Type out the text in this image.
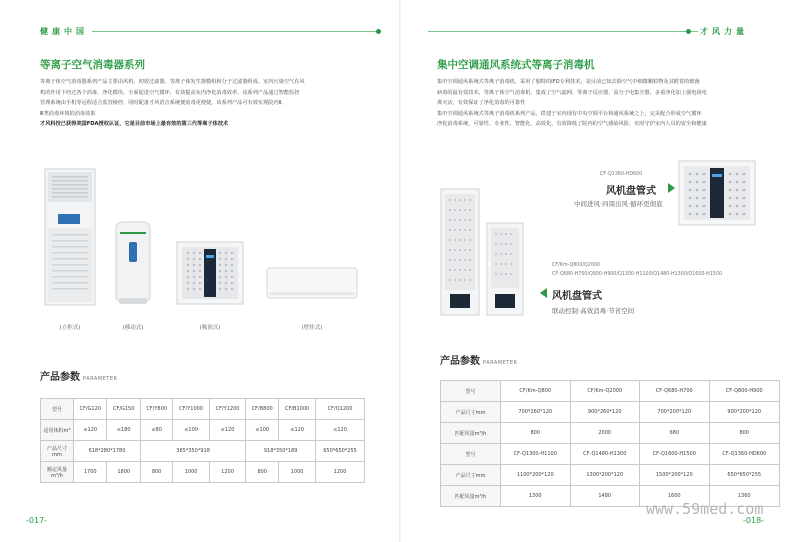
健康中国	才风力量
等离子空气消毒器系列

等离子体空气消毒器系列产品主要由风机、初效过滤器、等离子体发生器模组和分子过滤器组成。室内污染空气在风

机的作用下经过各个消毒、净化模块，全面促进空气循环，有效提高室内净化消毒效率。该系列产品通过智能监控

管理系统由手机等远程适合监管操控，同时配备才风语音系统便消毒更便捷。该系列产品可有效实现院内Ⅱ、

Ⅲ类消毒环境的消毒效果

才风科技已获得美国FDA授权认证，它是目前市场上最有效的第三代等离子体技术

(立柜式)	(移动式)	(吸顶式)	(壁挂式)
产品参数 PARAMETER
型号	CF/G120	CF/G150	CF/Y800	CF/Y1000	CF/Y1200	CF/B800	CF/B1000	CF/Q1200
适用体积m³	≤120	≤180	≤80	≤100	≤120	≤100	≤120	≤120
产品尺寸mm	618*280*1780		365*350*918			918*350*189		650*650*255
额定风量m³/h	1700	1800	800	1000	1200	800	1000	1200
-017-
集中空调通风系统式等离子消毒机

集中空调通风系统式等离子消毒机，采用了独特的IFD专利技术，是目前已知去除空气中细微颗粒物及其附着的细菌

病毒的最有效技术，等离子体空气消毒机，集成了空气滤网、等离子反应器、高分子电集尘器、多重净化加上强电场电

离灭活，有效保证了净化消毒的可靠性

集中空调通风系统式等离子消毒机系列产品，搭建于室内现有中央空调平台和通风系统之上，完美配合形成空气循环

净化消毒系统，可靠性、专业性、智能化、高效化，有效降低了院内的空气感染风险，实时守护室内人员的安全和健康

CF-Q1360-HD600
风机盘管式
中间进风·四周出风·循环更彻底
CF/Km-Q800/Q2000
CF-Q680-H700/Q800-H900/Q1300-H1100/Q1480-H1300/Q1600-H1500
风机盘管式
联动控制·高效消毒·节省空间
产品参数 PARAMETER
型号	CF/Km-Q800	CF/Km-Q2000	CF-Q680-H700	CF-Q800-H900
产品尺寸mm	700*260*120	900*260*120	700*200*120	900*200*120
匹配风量m³/h	800	2000	680	800
型号	CF-Q1300-H1100	CF-Q1480-H1300	CF-Q1600-H1500	CF-Q1360-HD600
产品尺寸mm	1100*200*120	1300*200*120	1500*200*120	650*650*255
匹配风量m³/h	1300	1480	1600	1360
www.59med.com
-018-
